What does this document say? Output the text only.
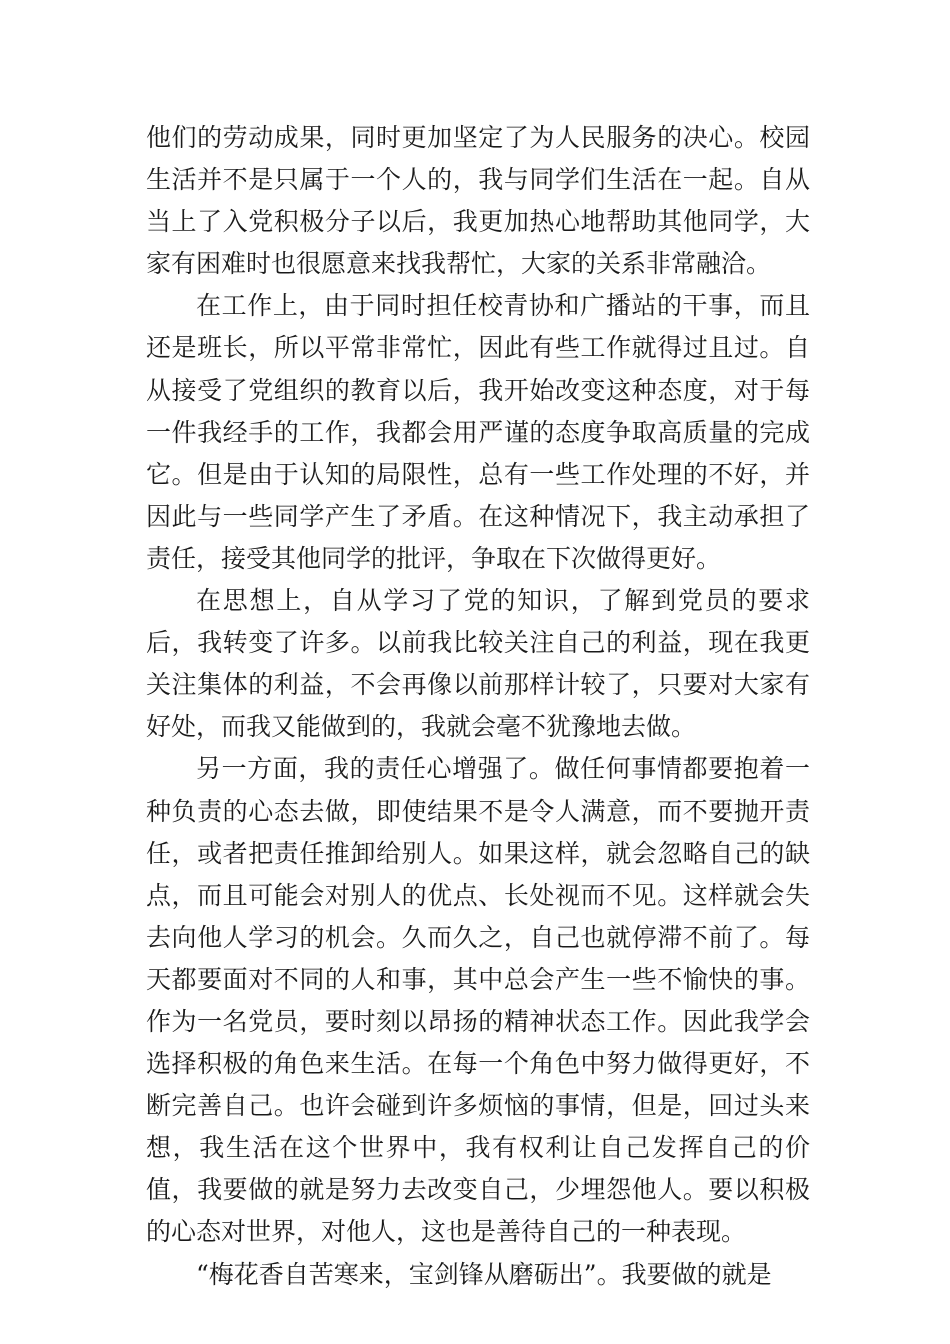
他们的劳动成果，同时更加坚定了为人民服务的决心。校园生活并不是只属于一个人的，我与同学们生活在一起。自从当上了入党积极分子以后，我更加热心地帮助其他同学，大家有困难时也很愿意来找我帮忙，大家的关系非常融洽。

在工作上，由于同时担任校青协和广播站的干事，而且还是班长，所以平常非常忙，因此有些工作就得过且过。自从接受了党组织的教育以后，我开始改变这种态度，对于每一件我经手的工作，我都会用严谨的态度争取高质量的完成它。但是由于认知的局限性，总有一些工作处理的不好，并因此与一些同学产生了矛盾。在这种情况下，我主动承担了责任，接受其他同学的批评，争取在下次做得更好。

在思想上，自从学习了党的知识，了解到党员的要求后，我转变了许多。以前我比较关注自己的利益，现在我更关注集体的利益，不会再像以前那样计较了，只要对大家有好处，而我又能做到的，我就会毫不犹豫地去做。

另一方面，我的责任心增强了。做任何事情都要抱着一种负责的心态去做，即使结果不是令人满意，而不要抛开责任，或者把责任推卸给别人。如果这样，就会忽略自己的缺点，而且可能会对别人的优点、长处视而不见。这样就会失去向他人学习的机会。久而久之，自己也就停滞不前了。每天都要面对不同的人和事，其中总会产生一些不愉快的事。作为一名党员，要时刻以昂扬的精神状态工作。因此我学会选择积极的角色来生活。在每一个角色中努力做得更好，不断完善自己。也许会碰到许多烦恼的事情，但是，回过头来想，我生活在这个世界中，我有权利让自己发挥自己的价值，我要做的就是努力去改变自己，少埋怨他人。要以积极的心态对世界，对他人，这也是善待自己的一种表现。

“梅花香自苦寒来，宝剑锋从磨砺出”。我要做的就是
